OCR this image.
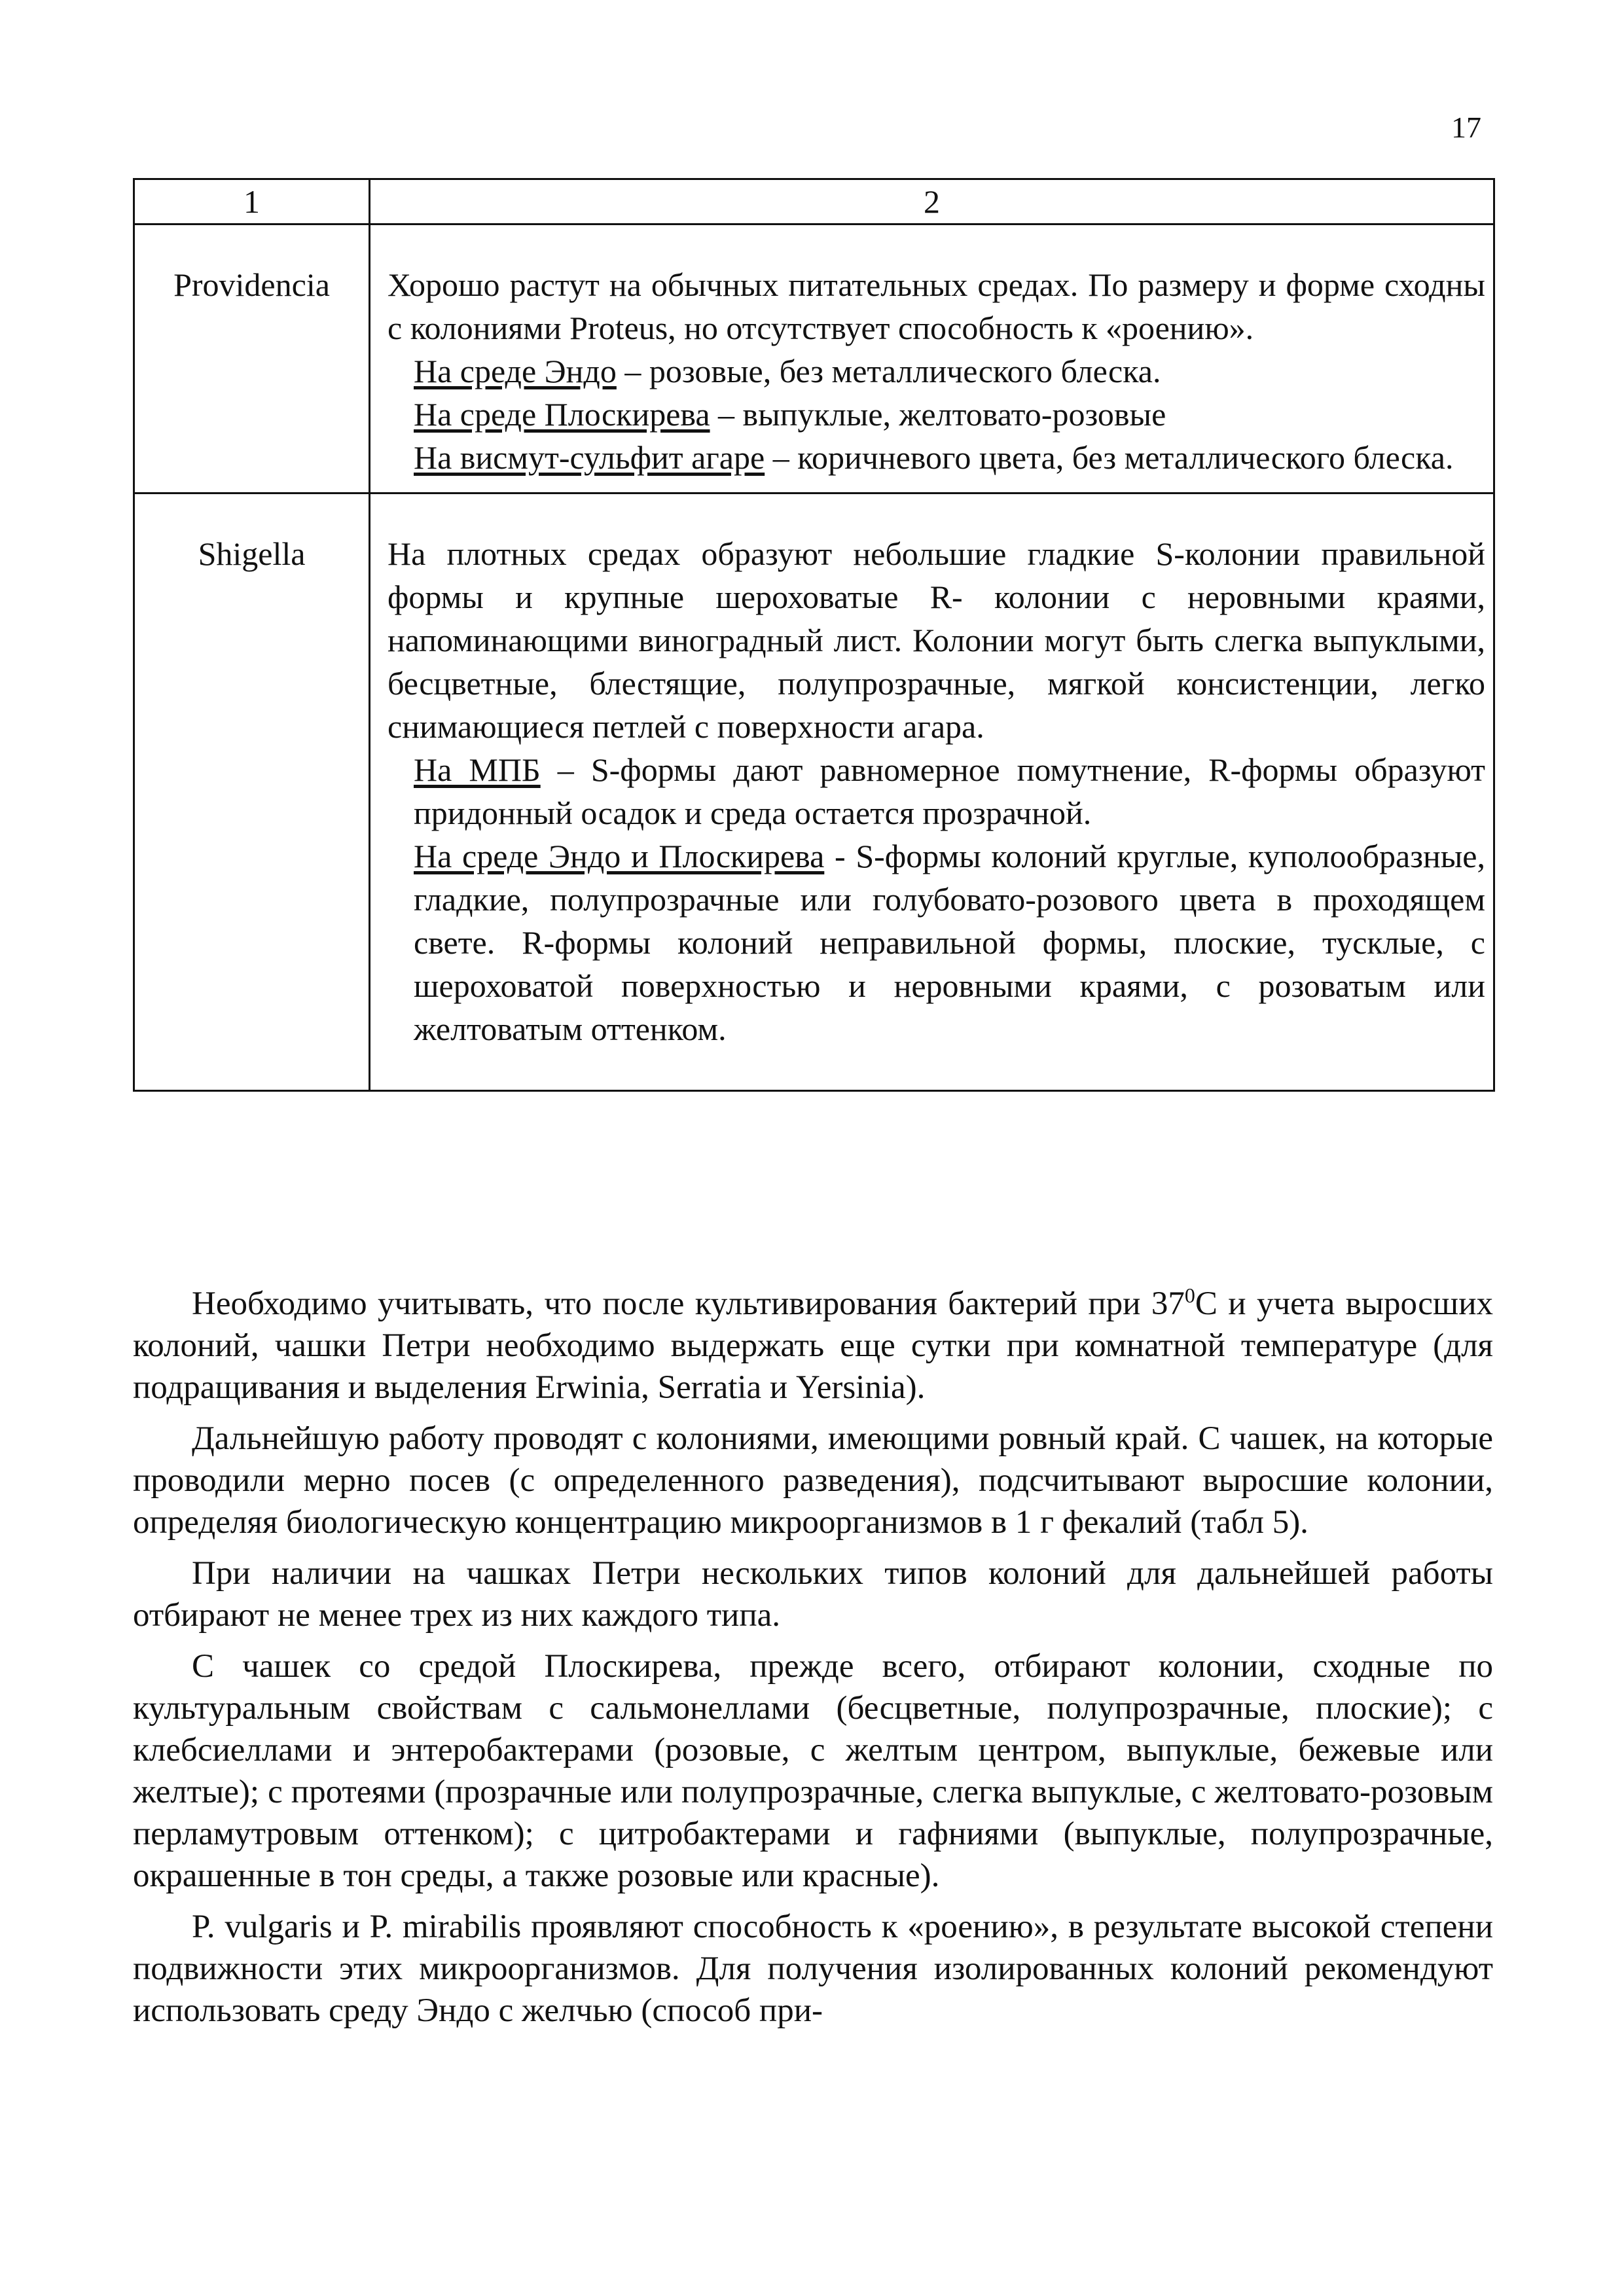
17
1	2
Providencia	Хорошо растут на обычных питательных средах. По размеру и форме сходны с колониями Proteus, но отсутствует способность к «роению».
На среде Эндо – розовые, без металлического блеска.
На среде Плоскирева – выпуклые, желтовато-розовые
На висмут-сульфит агаре – коричневого цвета, без металлического блеска.

Shigella	На плотных средах образуют небольшие гладкие S-колонии правильной формы и крупные шероховатые R- колонии с неровными краями, напоминающими виноградный лист. Колонии могут быть слегка выпуклыми, бесцветные, блестящие, полупрозрачные, мягкой консистенции, легко снимающиеся петлей с поверхности агара.
На МПБ – S-формы дают равномерное помутнение, R-формы образуют придонный осадок и среда остается прозрачной.
На среде Эндо и Плоскирева - S-формы колоний круглые, куполообразные, гладкие, полупрозрачные или голубовато-розового цвета в проходящем свете. R-формы колоний неправильной формы, плоские, тусклые, с шероховатой поверхностью и неровными краями, с розоватым или желтоватым оттенком.

Необходимо учитывать, что после культивирования бактерий при $37^0С$ и учета выросших колоний, чашки Петри необходимо выдержать еще сутки при комнатной температуре (для подращивания и выделения Erwinia, Serratia и Yersinia).

Дальнейшую работу проводят с колониями, имеющими ровный край. С чашек, на которые проводили мерно посев (с определенного разведения), подсчитывают выросшие колонии, определяя биологическую концентрацию микроорганизмов в 1 г фекалий (табл 5).

При наличии на чашках Петри нескольких типов колоний для дальнейшей работы отбирают не менее трех из них каждого типа.

С чашек со средой Плоскирева, прежде всего, отбирают колонии, сходные по культуральным свойствам с сальмонеллами (бесцветные, полупрозрачные, плоские); с клебсиеллами и энтеробактерами (розовые, с желтым центром, выпуклые, бежевые или желтые); с протеями (прозрачные или полупрозрачные, слегка выпуклые, с желтовато-розовым перламутровым оттенком); с цитробактерами и гафниями (выпуклые, полупрозрачные, окрашенные в тон среды, а также розовые или красные).

P. vulgaris и P. mirabilis проявляют способность к «роению», в результате высокой степени подвижности этих микроорганизмов. Для получения изолированных колоний рекомендуют использовать среду Эндо с желчью (способ при-
